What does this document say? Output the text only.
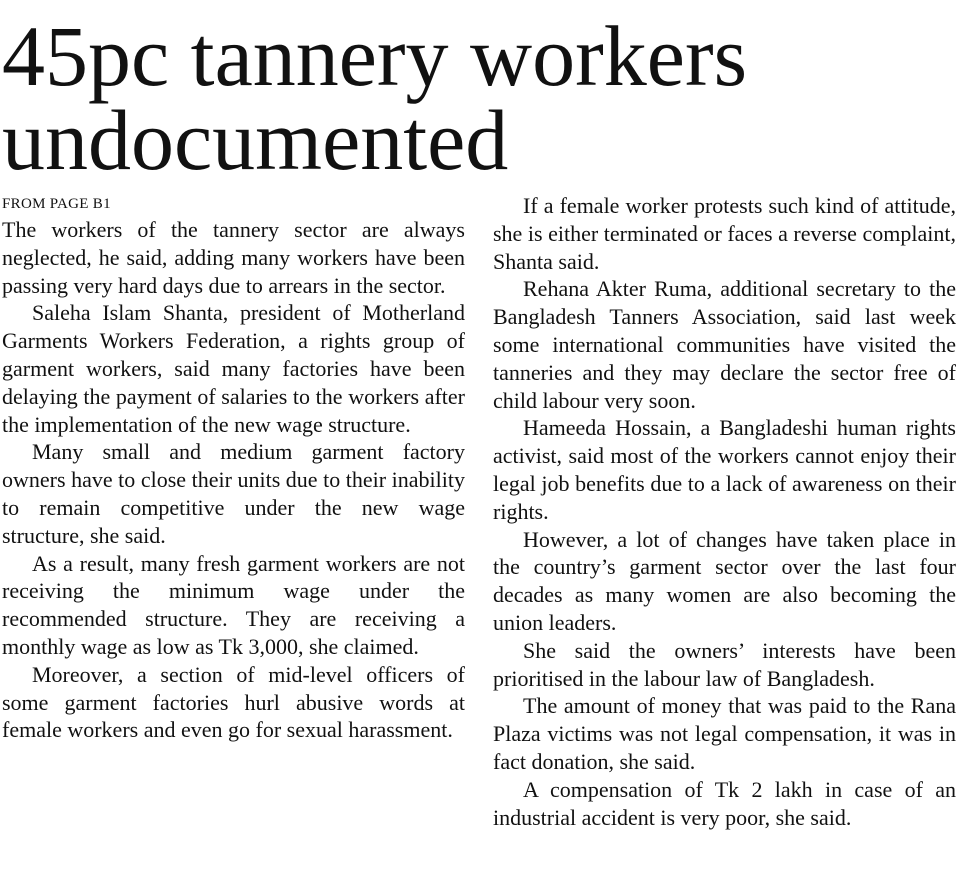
45pc tannery workers undocumented

FROM PAGE B1

The workers of the tannery sector are always neglected, he said, adding many workers have been passing very hard days due to arrears in the sector.

Saleha Islam Shanta, president of Motherland Garments Workers Federation, a rights group of garment workers, said many factories have been delaying the payment of salaries to the workers after the implementation of the new wage structure.

Many small and medium garment factory owners have to close their units due to their inability to remain competitive under the new wage structure, she said.

As a result, many fresh garment workers are not receiving the minimum wage under the recommended structure. They are receiving a monthly wage as low as Tk 3,000, she claimed.

Moreover, a section of mid-level officers of some garment factories hurl abusive words at female workers and even go for sexual harassment.

If a female worker protests such kind of attitude, she is either terminated or faces a reverse complaint, Shanta said.

Rehana Akter Ruma, additional secretary to the Bangladesh Tanners Association, said last week some international communities have visited the tanneries and they may declare the sector free of child labour very soon.

Hameeda Hossain, a Bangladeshi human rights activist, said most of the workers cannot enjoy their legal job benefits due to a lack of awareness on their rights.

However, a lot of changes have taken place in the country’s garment sector over the last four decades as many women are also becoming the union leaders.

She said the owners’ interests have been prioritised in the labour law of Bangladesh.

The amount of money that was paid to the Rana Plaza victims was not legal compensation, it was in fact donation, she said.

A compensation of Tk 2 lakh in case of an industrial accident is very poor, she said.
